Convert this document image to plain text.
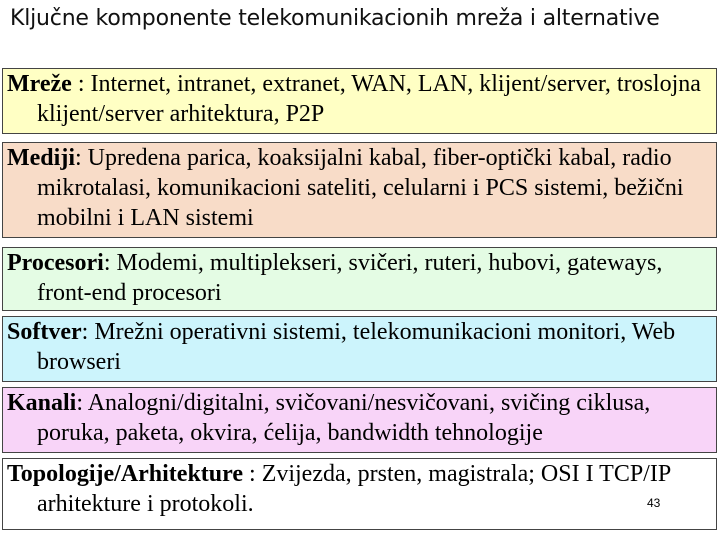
Ključne komponente telekomunikacionih mreža i alternative
Mreže : Internet, intranet, extranet, WAN, LAN, klijent/server, troslojna klijent/server arhitektura, P2P
Mediji: Upredena parica, koaksijalni kabal, fiber-optički kabal, radio mikrotalasi, komunikacioni sateliti, celularni i PCS sistemi, bežični mobilni i LAN sistemi
Procesori: Modemi, multiplekseri, svičeri, ruteri, hubovi, gateways, front-end procesori
Softver: Mrežni operativni sistemi, telekomunikacioni monitori, Web browseri
Kanali: Analogni/digitalni, svičovani/nesvičovani, svičing ciklusa, poruka, paketa, okvira, ćelija, bandwidth tehnologije
Topologije/Arhitekture : Zvijezda, prsten, magistrala; OSI I TCP/IP arhitekture i protokoli.	43
